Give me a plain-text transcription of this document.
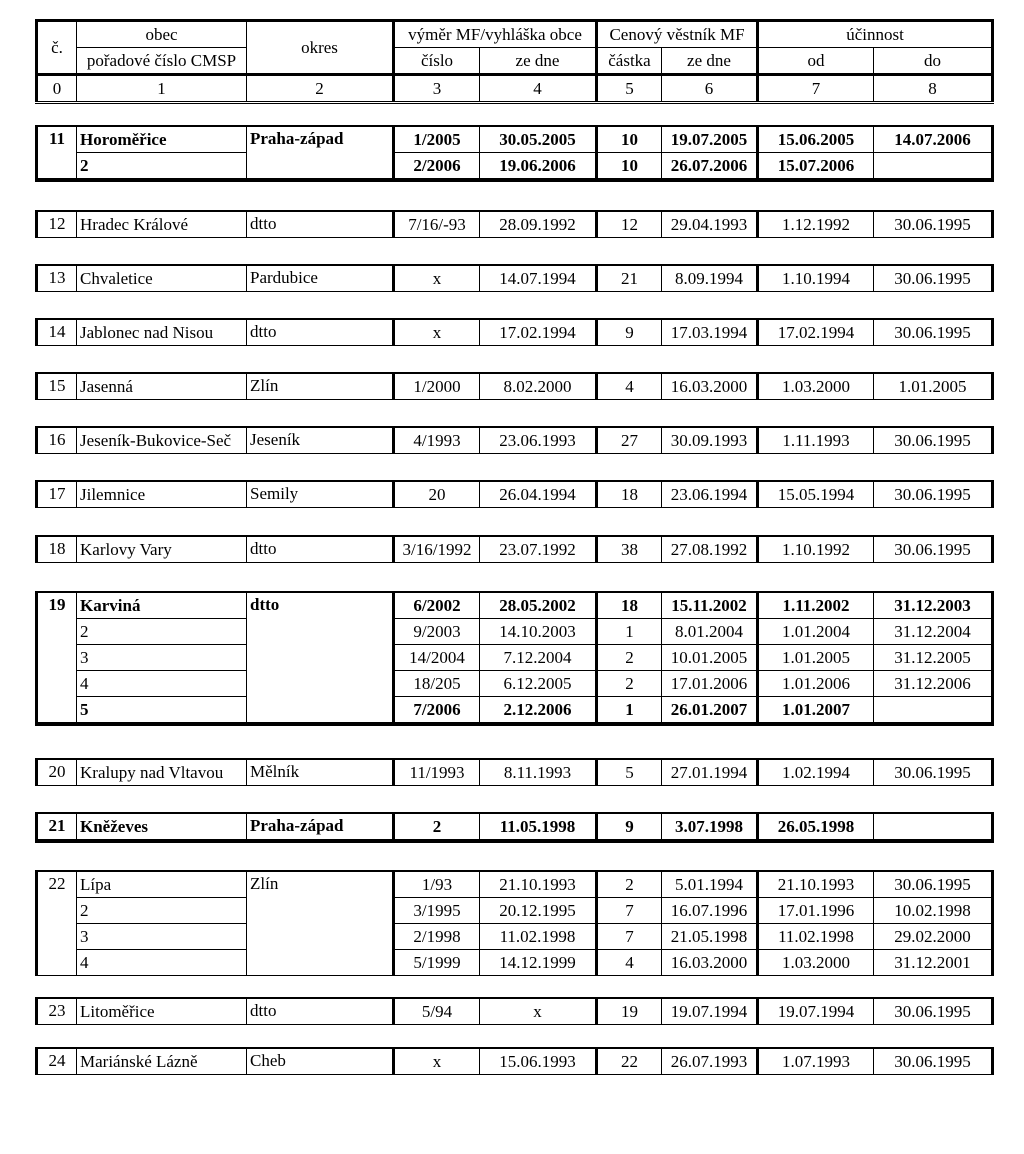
č.	obec	okres	výměr MF/vyhláška obce		Cenový věstník MF		účinnost	
	pořadové číslo CMSP		číslo	ze dne	částka	ze dne	od	do
0	1	2	3	4	5	6	7	8
11	Horoměřice	Praha-západ	1/2005	30.05.2005	10	19.07.2005	15.06.2005	14.07.2006
	2		2/2006	19.06.2006	10	26.07.2006	15.07.2006	
12	Hradec Králové	dtto	7/16/-93	28.09.1992	12	29.04.1993	1.12.1992	30.06.1995
13	Chvaletice	Pardubice	x	14.07.1994	21	8.09.1994	1.10.1994	30.06.1995
14	Jablonec nad Nisou	dtto	x	17.02.1994	9	17.03.1994	17.02.1994	30.06.1995
15	Jasenná	Zlín	1/2000	8.02.2000	4	16.03.2000	1.03.2000	1.01.2005
16	Jeseník-Bukovice-Seč	Jeseník	4/1993	23.06.1993	27	30.09.1993	1.11.1993	30.06.1995
17	Jilemnice	Semily	20	26.04.1994	18	23.06.1994	15.05.1994	30.06.1995
18	Karlovy Vary	dtto	3/16/1992	23.07.1992	38	27.08.1992	1.10.1992	30.06.1995
19	Karviná	dtto	6/2002	28.05.2002	18	15.11.2002	1.11.2002	31.12.2003
	2		9/2003	14.10.2003	1	8.01.2004	1.01.2004	31.12.2004
	3		14/2004	7.12.2004	2	10.01.2005	1.01.2005	31.12.2005
	4		18/205	6.12.2005	2	17.01.2006	1.01.2006	31.12.2006
	5		7/2006	2.12.2006	1	26.01.2007	1.01.2007	
20	Kralupy nad Vltavou	Mělník	11/1993	8.11.1993	5	27.01.1994	1.02.1994	30.06.1995
21	Kněževes	Praha-západ	2	11.05.1998	9	3.07.1998	26.05.1998	
22	Lípa	Zlín	1/93	21.10.1993	2	5.01.1994	21.10.1993	30.06.1995
	2		3/1995	20.12.1995	7	16.07.1996	17.01.1996	10.02.1998
	3		2/1998	11.02.1998	7	21.05.1998	11.02.1998	29.02.2000
	4		5/1999	14.12.1999	4	16.03.2000	1.03.2000	31.12.2001
23	Litoměřice	dtto	5/94	x	19	19.07.1994	19.07.1994	30.06.1995
24	Mariánské Lázně	Cheb	x	15.06.1993	22	26.07.1993	1.07.1993	30.06.1995
